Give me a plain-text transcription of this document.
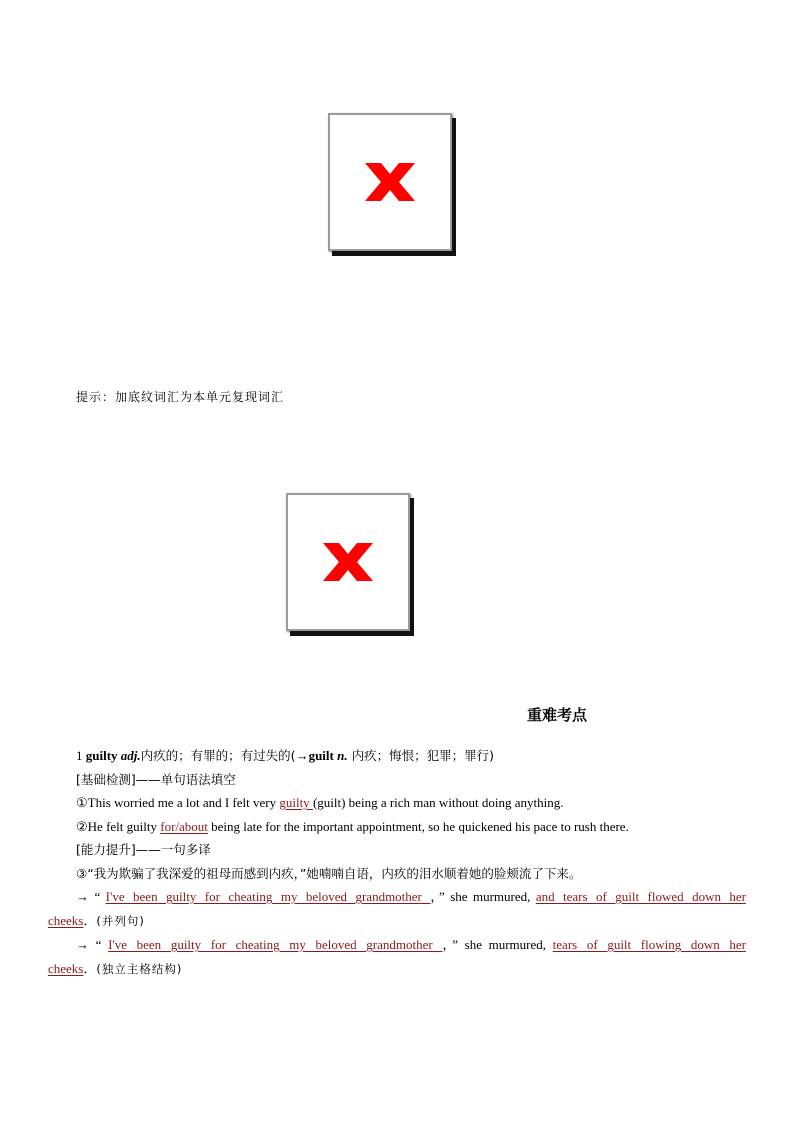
提示：加底纹词汇为本单元复现词汇
重难考点
1 guilty adj.内疚的；有罪的；有过失的(→guilt n. 内疚；悔恨；犯罪；罪行)
[基础检测]——单句语法填空
①This worried me a lot and I felt very guilty (guilt) being a rich man without doing anything.
②He felt guilty for/about being late for the important appointment, so he quickened his pace to rush there.
[能力提升]——一句多译
③“我为欺骗了我深爱的祖母而感到内疚，”她喃喃自语，内疚的泪水顺着她的脸颊流了下来。
→ “ I've been guilty for cheating my beloved grandmother ，” she murmured, and tears of guilt flowed down her
cheeks．(并列句)
→ “ I've been guilty for cheating my beloved grandmother ，” she murmured, tears of guilt flowing down her
cheeks．(独立主格结构)
